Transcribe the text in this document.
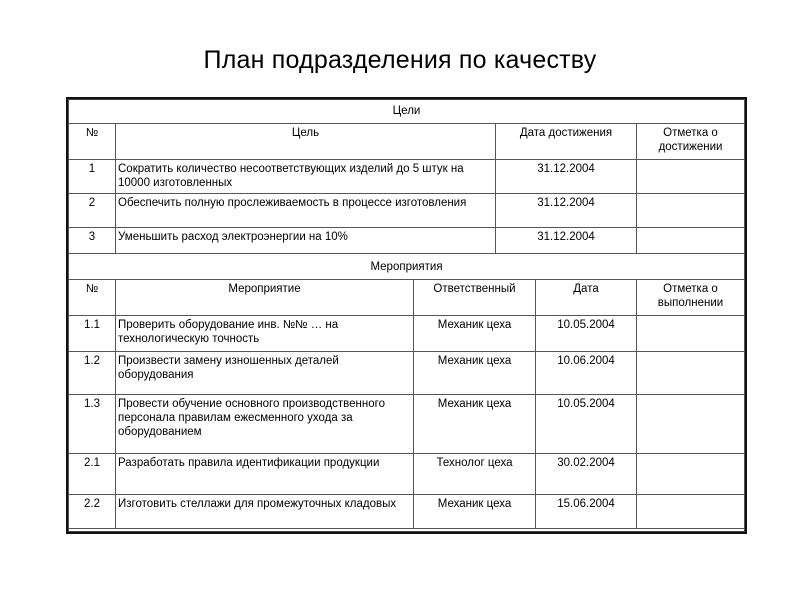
План подразделения по качеству
Цели			
№	Цель	Дата достижения	Отметка о достижении
1	Сократить количество несоответствующих изделий до 5 штук на 10000 изготовленных	31.12.2004	
2	Обеспечить полную прослеживаемость в процессе изготовления	31.12.2004	
3	Уменьшить расход электроэнергии на 10%	31.12.2004	
Мероприятия				
№	Мероприятие	Ответственный	Дата	Отметка о выполнении
1.1	Проверить оборудование инв. №№ … на технологическую точность	Механик цеха	10.05.2004	
1.2	Произвести замену изношенных деталей оборудования	Механик цеха	10.06.2004	
1.3	Провести обучение основного производственного персонала правилам ежесменного ухода за оборудованием	Механик цеха	10.05.2004	
2.1	Разработать правила идентификации продукции	Технолог цеха	30.02.2004	
2.2	Изготовить стеллажи для промежуточных кладовых	Механик цеха	15.06.2004	
